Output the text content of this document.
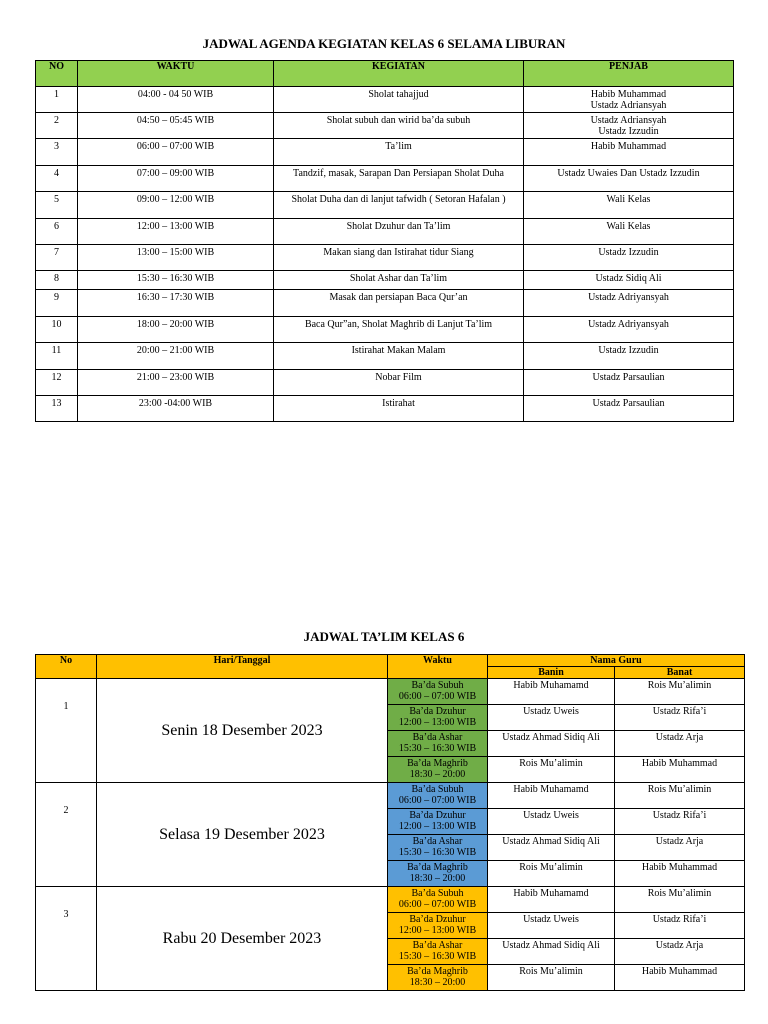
JADWAL AGENDA KEGIATAN KELAS 6 SELAMA LIBURAN
NO	WAKTU	KEGIATAN	PENJAB
1	04:00 - 04 50 WIB	Sholat tahajjud	Habib Muhammad
Ustadz Adriansyah

2	04:50 – 05:45 WIB	Sholat subuh dan wirid ba’da subuh	Ustadz Adriansyah
Ustadz Izzudin

3	06:00 – 07:00 WIB	Ta’lim	Habib Muhammad

4	07:00 – 09:00 WIB	Tandzif, masak, Sarapan Dan Persiapan Sholat Duha	Ustadz Uwaies Dan Ustadz Izzudin

5	09:00 – 12:00 WIB	Sholat Duha dan di lanjut tafwidh ( Setoran Hafalan )	Wali Kelas

6	12:00 – 13:00 WIB	Sholat Dzuhur dan Ta’lim	Wali Kelas

7	13:00 – 15:00 WIB	Makan siang dan Istirahat tidur Siang	Ustadz Izzudin

8	15:30 – 16:30 WIB	Sholat Ashar dan Ta’lim	Ustadz Sidiq Ali

9	16:30 – 17:30 WIB	Masak dan persiapan Baca Qur’an	Ustadz Adriyansyah

10	18:00 – 20:00 WIB	Baca Qur”an, Sholat Maghrib di Lanjut Ta’lim	Ustadz Adriyansyah

11	20:00 – 21:00 WIB	Istirahat Makan Malam	Ustadz Izzudin

12	21:00 – 23:00 WIB	Nobar Film	Ustadz Parsaulian

13	23:00 -04:00 WIB	Istirahat	Ustadz Parsaulian
JADWAL TA’LIM KELAS 6
No	Hari/Tanggal	Waktu	Nama Guru	
			Banin	Banat
1	Senin 18 Desember 2023	Ba’da Subuh
06:00 – 07:00 WIB	Habib Muhamamd	Rois Mu’alimin

		Ba’da Dzuhur
12:00 – 13:00 WIB	Ustadz Uweis	Ustadz Rifa’i

		Ba’da Ashar
15:30 – 16:30 WIB	Ustadz Ahmad Sidiq Ali	Ustadz Arja

		Ba’da Maghrib
18:30 – 20:00	Rois Mu’alimin	Habib Muhammad
2	Selasa 19 Desember 2023	Ba’da Subuh
06:00 – 07:00 WIB	Habib Muhamamd	Rois Mu’alimin

		Ba’da Dzuhur
12:00 – 13:00 WIB	Ustadz Uweis	Ustadz Rifa’i

		Ba’da Ashar
15:30 – 16:30 WIB	Ustadz Ahmad Sidiq Ali	Ustadz Arja

		Ba’da Maghrib
18:30 – 20:00	Rois Mu’alimin	Habib Muhammad
3	Rabu 20 Desember 2023	Ba’da Subuh
06:00 – 07:00 WIB	Habib Muhamamd	Rois Mu’alimin

		Ba’da Dzuhur
12:00 – 13:00 WIB	Ustadz Uweis	Ustadz Rifa’i

		Ba’da Ashar
15:30 – 16:30 WIB	Ustadz Ahmad Sidiq Ali	Ustadz Arja

		Ba’da Maghrib
18:30 – 20:00	Rois Mu’alimin	Habib Muhammad
